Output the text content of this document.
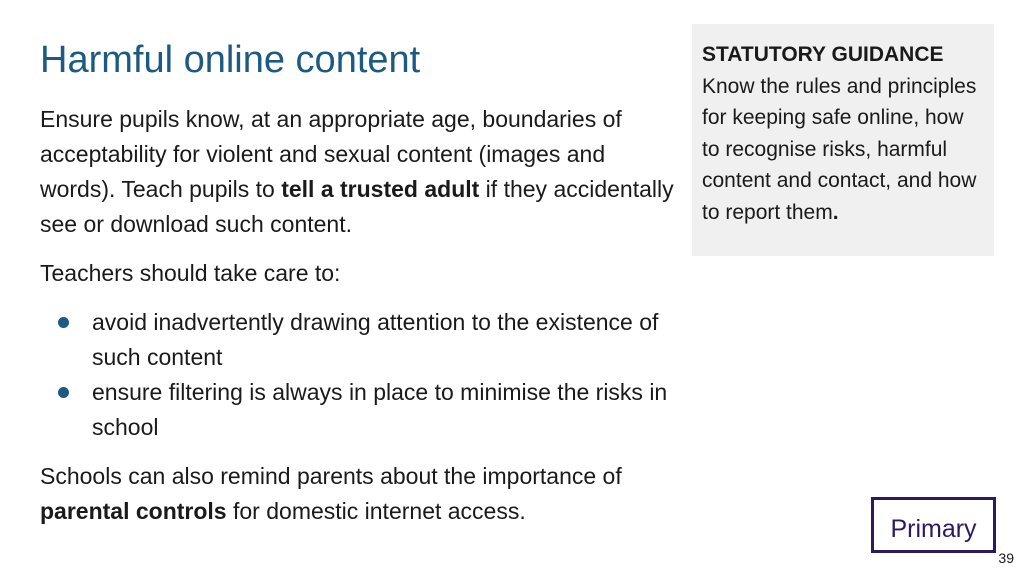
Harmful online content

Ensure pupils know, at an appropriate age, boundaries of acceptability for violent and sexual content (images and words). Teach pupils to tell a trusted adult if they accidentally see or download such content.

Teachers should take care to:

avoid inadvertently drawing attention to the existence of such content
ensure filtering is always in place to minimise the risks in school

Schools can also remind parents about the importance of parental controls for domestic internet access.

STATUTORY GUIDANCE
Know the rules and principles for keeping safe online, how to recognise risks, harmful content and contact, and how to report them.
Primary
39
